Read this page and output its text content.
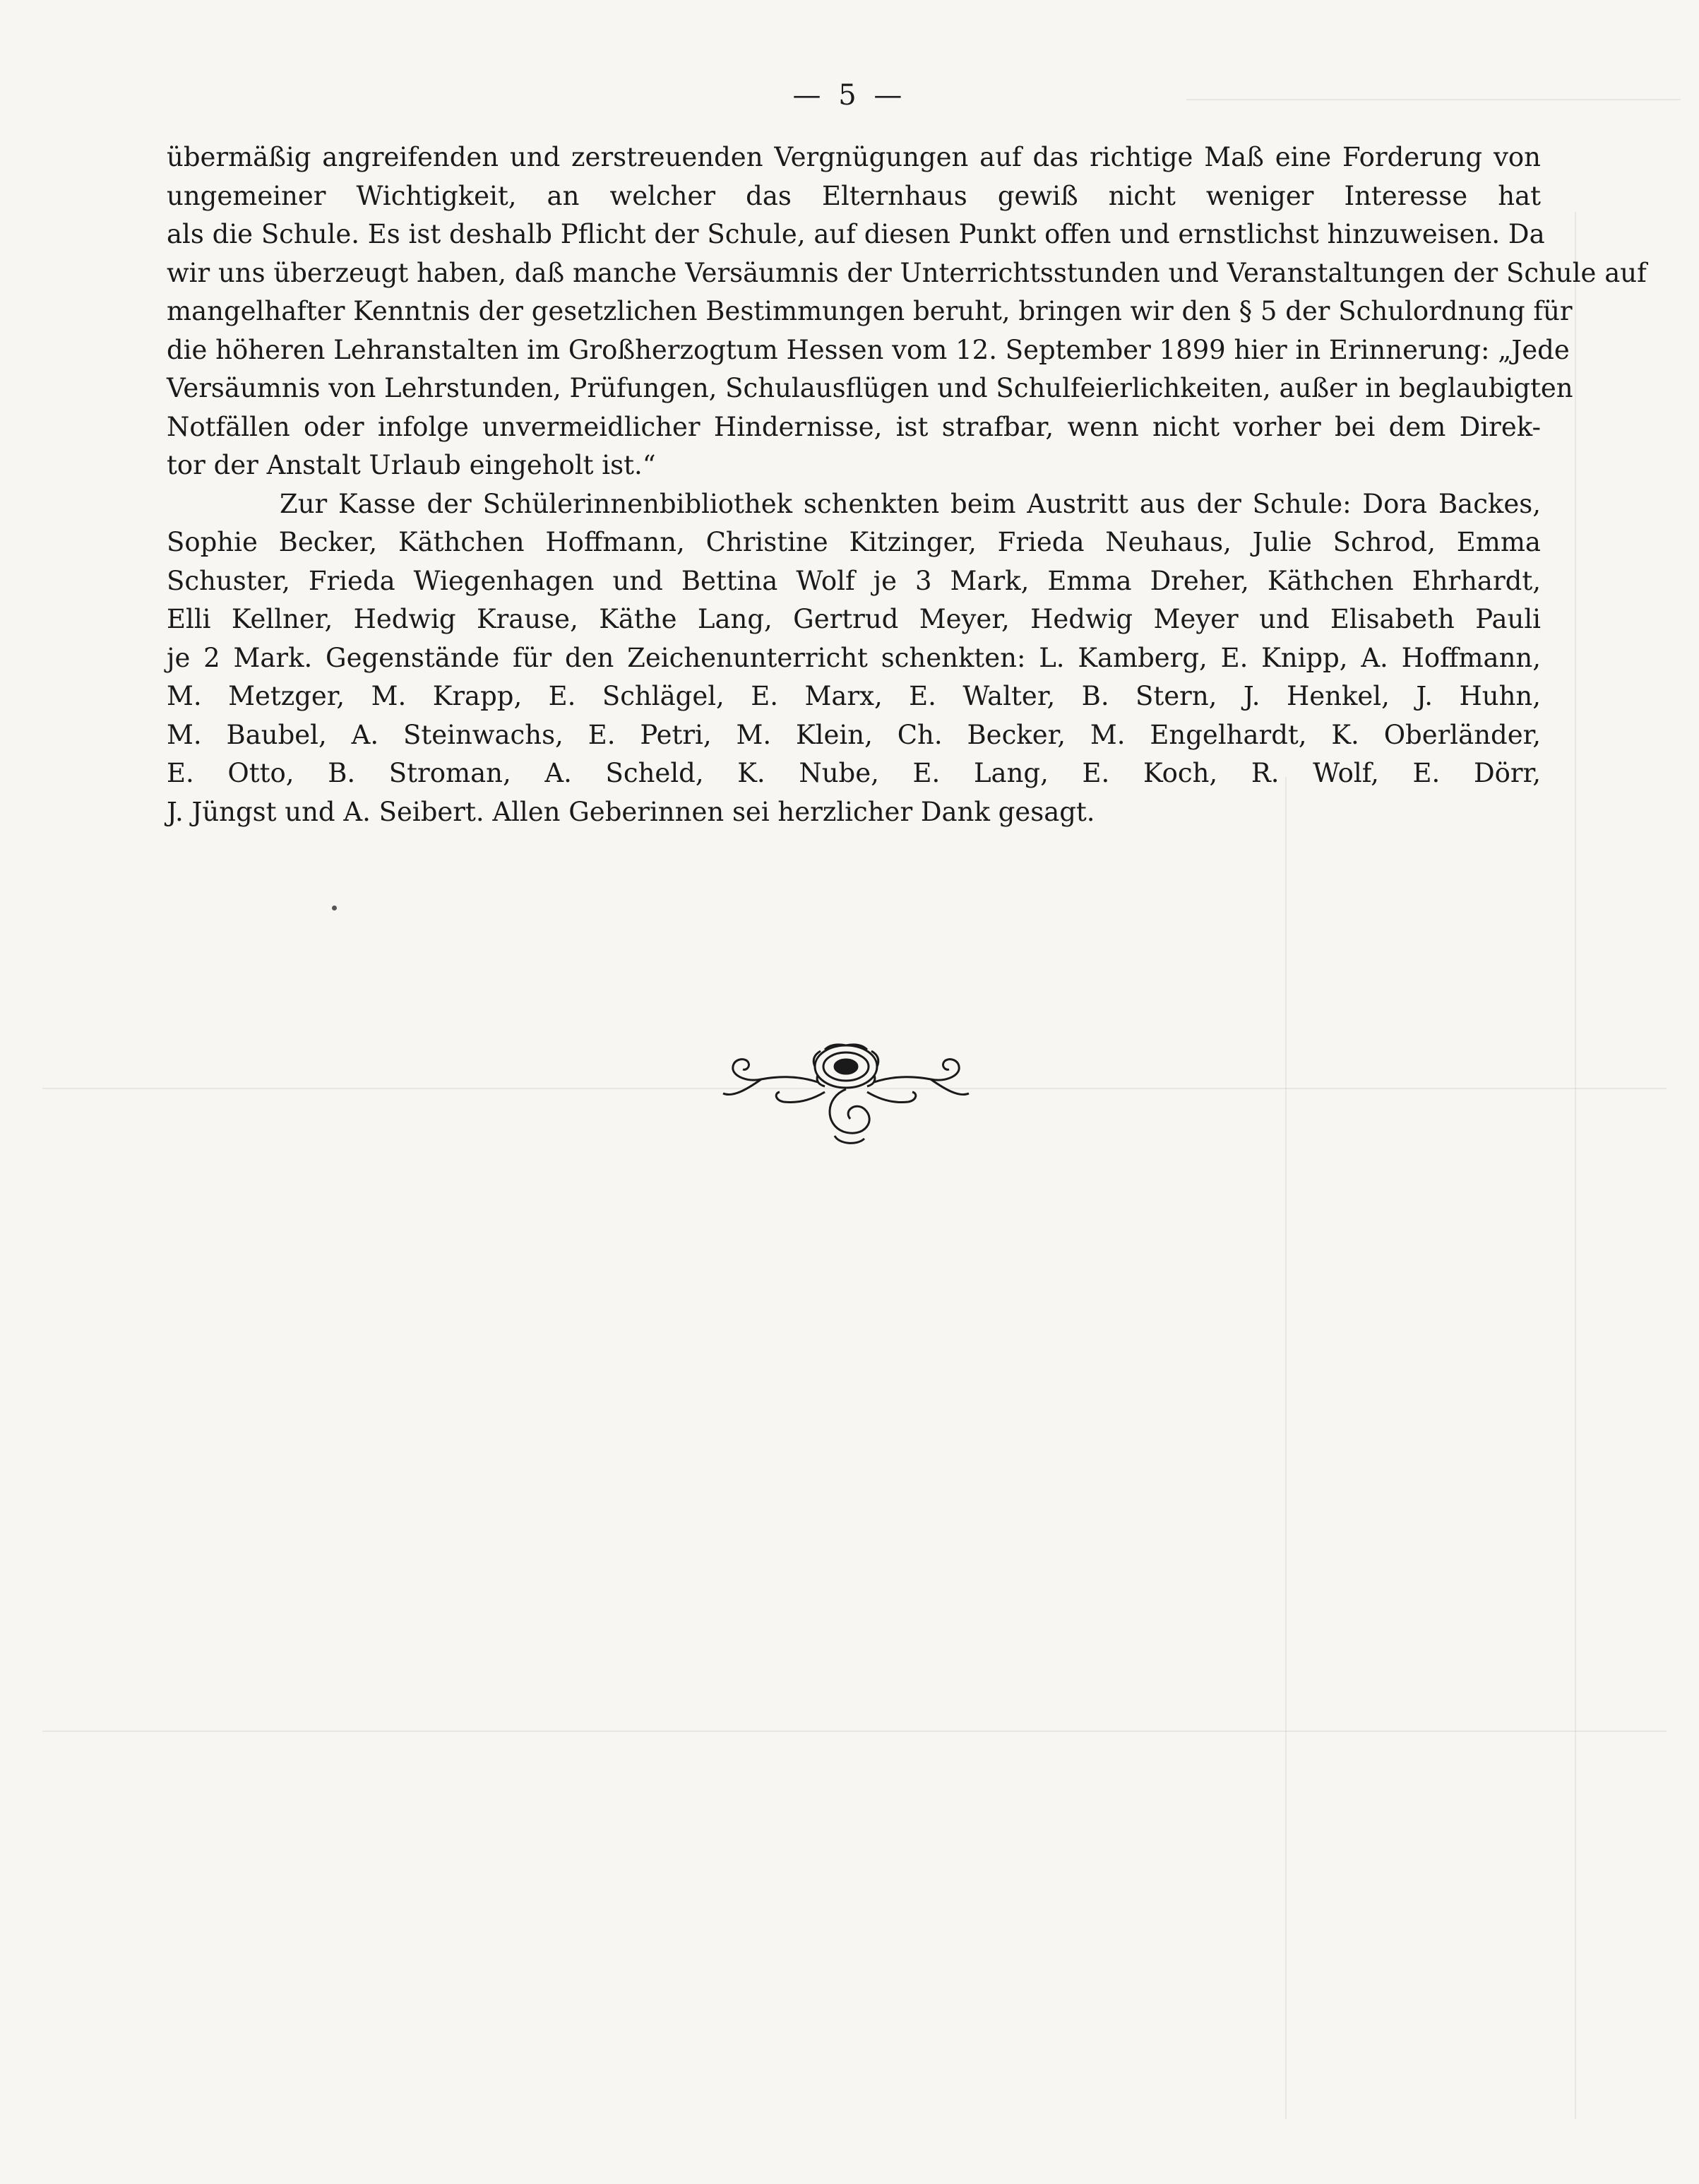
— 5 —
übermäßig angreifenden und zerstreuenden Vergnügungen auf das richtige Maß eine Forderung von
ungemeiner Wichtigkeit, an welcher das Elternhaus gewiß nicht weniger Interesse hat
als die Schule. Es ist deshalb Pflicht der Schule, auf diesen Punkt offen und ernstlichst hinzuweisen. Da
wir uns überzeugt haben, daß manche Versäumnis der Unterrichtsstunden und Veranstaltungen der Schule auf
mangelhafter Kenntnis der gesetzlichen Bestimmungen beruht, bringen wir den § 5 der Schulordnung für
die höheren Lehranstalten im Großherzogtum Hessen vom 12. September 1899 hier in Erinnerung: „Jede
Versäumnis von Lehrstunden, Prüfungen, Schulausflügen und Schulfeierlichkeiten, außer in beglaubigten
Notfällen oder infolge unvermeidlicher Hindernisse, ist strafbar, wenn nicht vorher bei dem Direk-
tor der Anstalt Urlaub eingeholt ist.“
Zur Kasse der Schülerinnenbibliothek schenkten beim Austritt aus der Schule: Dora Backes,
Sophie Becker, Käthchen Hoffmann, Christine Kitzinger, Frieda Neuhaus, Julie Schrod, Emma
Schuster, Frieda Wiegenhagen und Bettina Wolf je 3 Mark, Emma Dreher, Käthchen Ehrhardt,
Elli Kellner, Hedwig Krause, Käthe Lang, Gertrud Meyer, Hedwig Meyer und Elisabeth Pauli
je 2 Mark. Gegenstände für den Zeichenunterricht schenkten: L. Kamberg, E. Knipp, A. Hoffmann,
M. Metzger, M. Krapp, E. Schlägel, E. Marx, E. Walter, B. Stern, J. Henkel, J. Huhn,
M. Baubel, A. Steinwachs, E. Petri, M. Klein, Ch. Becker, M. Engelhardt, K. Oberländer,
E. Otto, B. Stroman, A. Scheld, K. Nube, E. Lang, E. Koch, R. Wolf, E. Dörr,
J. Jüngst und A. Seibert. Allen Geberinnen sei herzlicher Dank gesagt.
